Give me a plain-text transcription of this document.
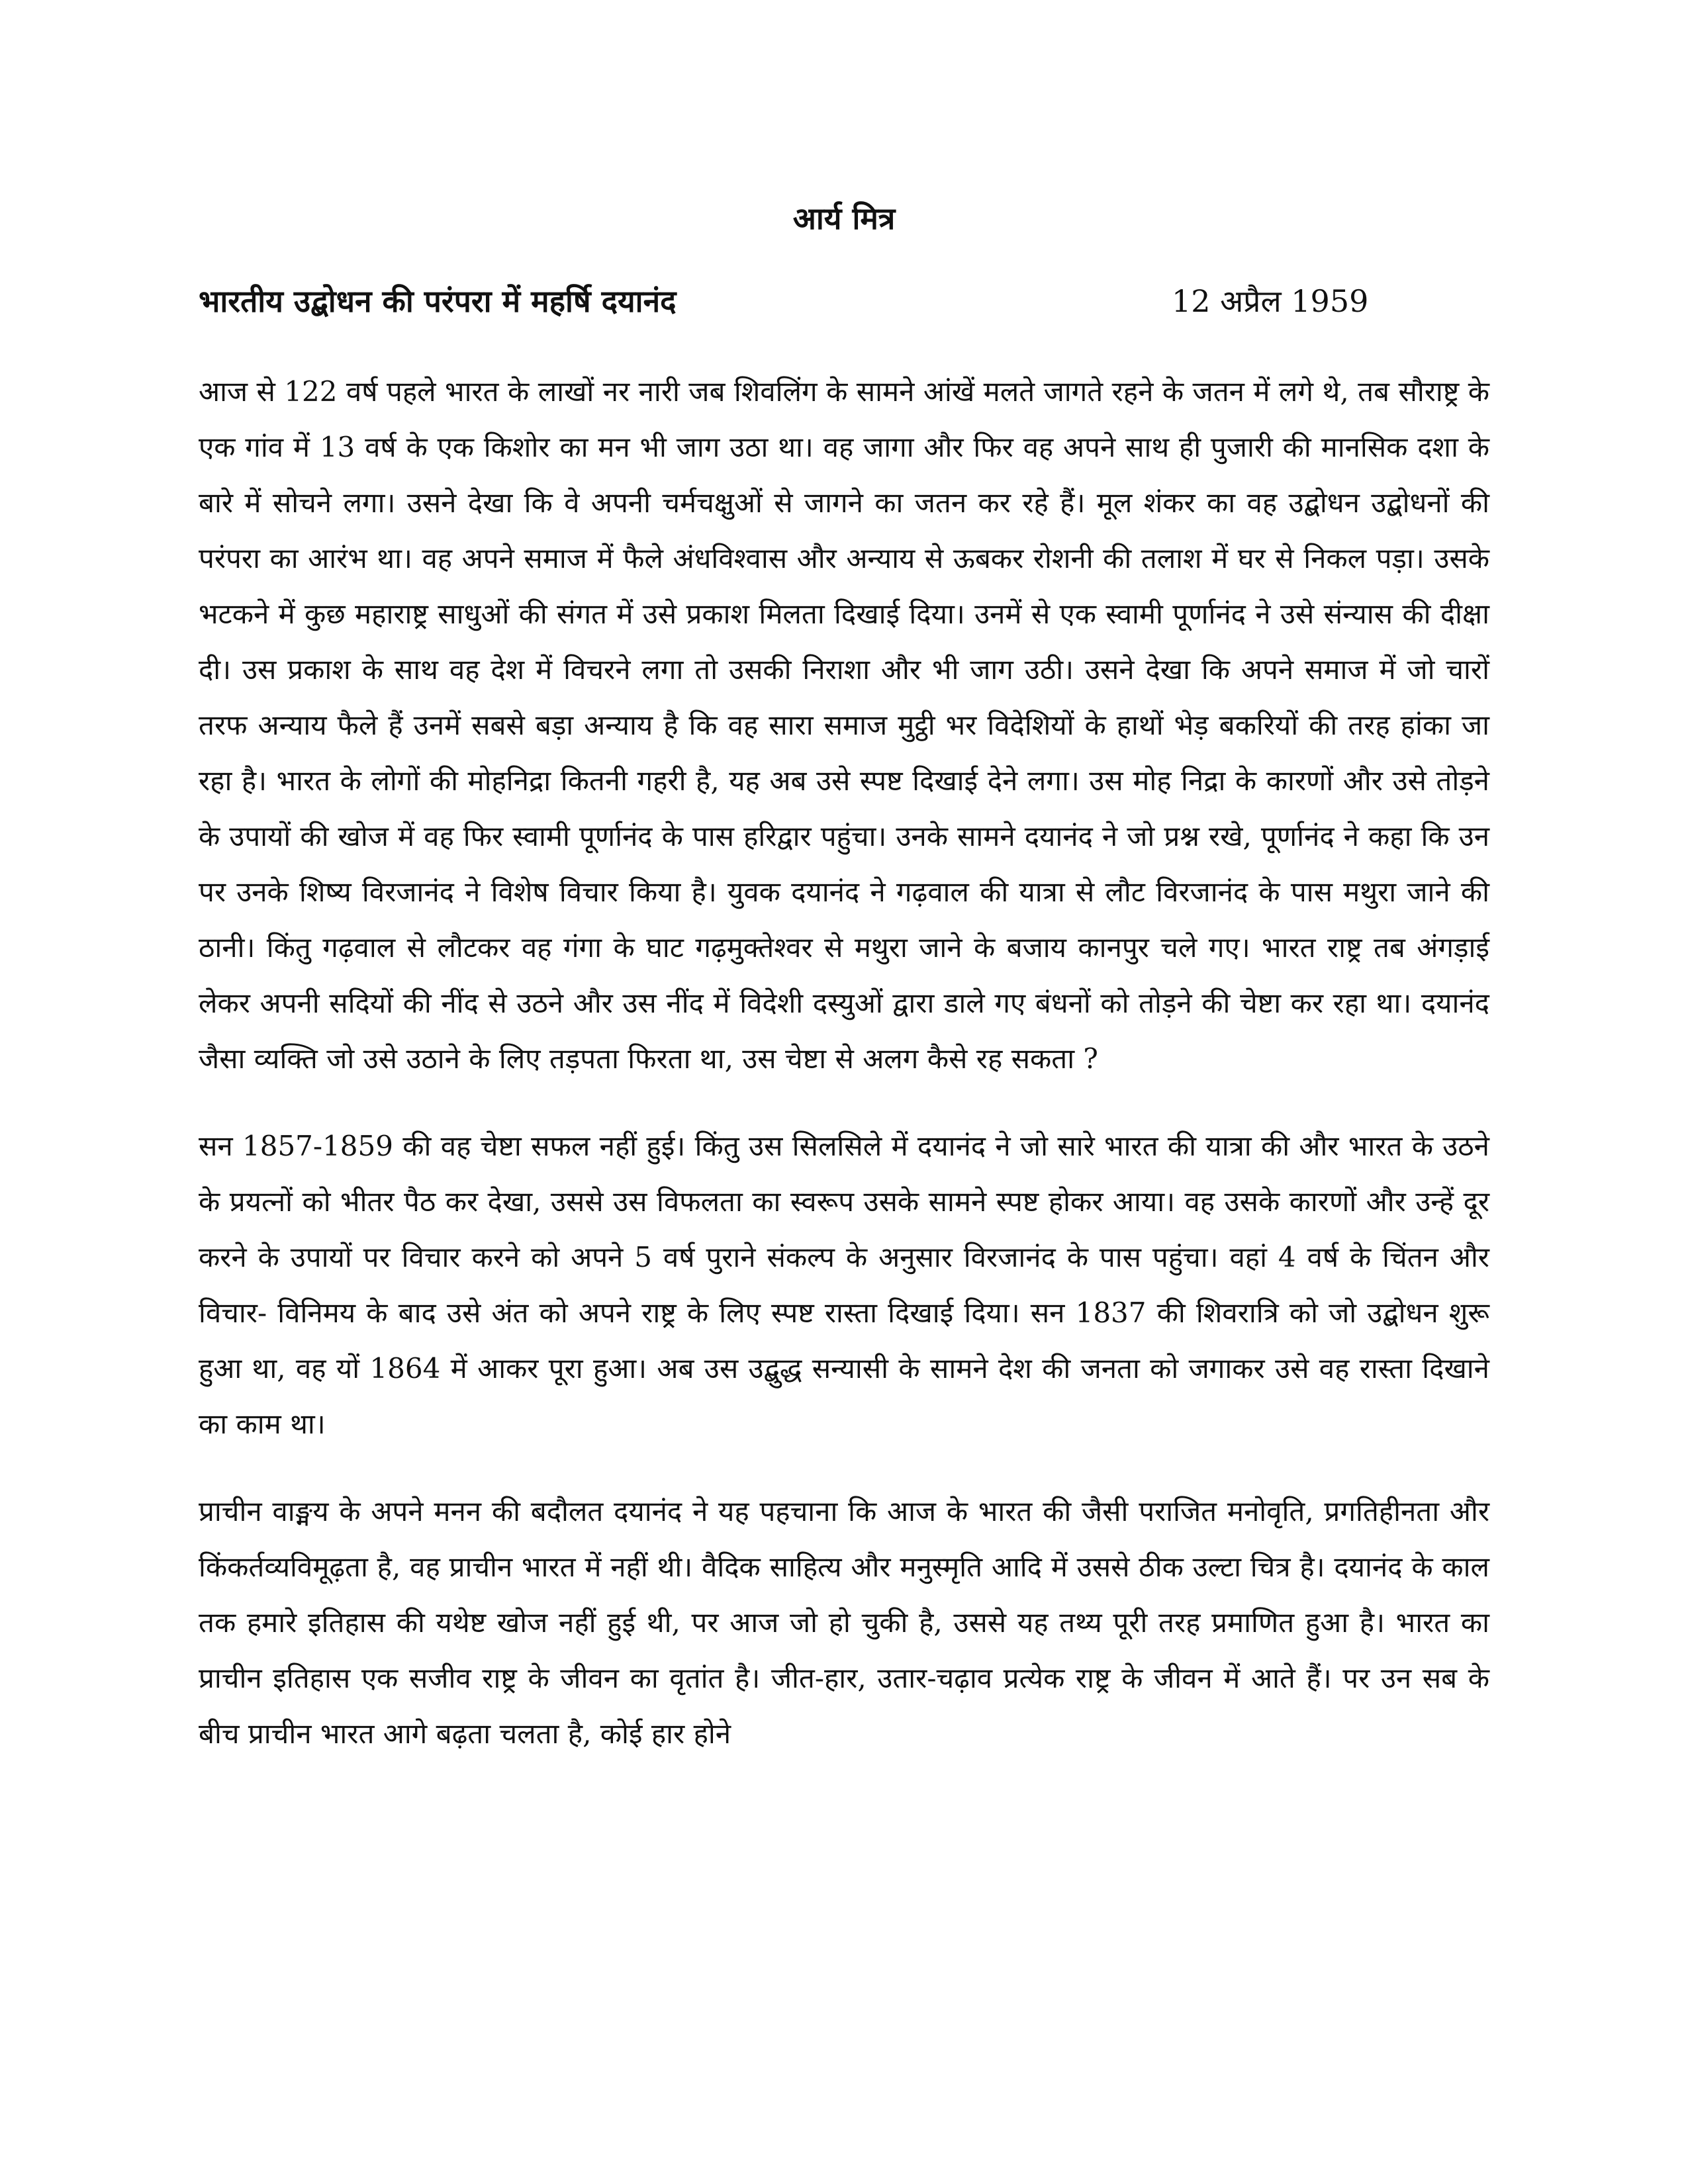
आर्य मित्र
भारतीय उद्बोधन की परंपरा में महर्षि दयानंद	12 अप्रैल 1959

आज से 122 वर्ष पहले भारत के लाखों नर नारी जब शिवलिंग के सामने आंखें मलते जागते रहने के जतन में लगे थे, तब सौराष्ट्र के एक गांव में 13 वर्ष के एक किशोर का मन भी जाग उठा था। वह जागा और फिर वह अपने साथ ही पुजारी की मानसिक दशा के बारे में सोचने लगा। उसने देखा कि वे अपनी चर्मचक्षुओं से जागने का जतन कर रहे हैं। मूल शंकर का वह उद्बोधन उद्बोधनों की परंपरा का आरंभ था। वह अपने समाज में फैले अंधविश्वास और अन्याय से ऊबकर रोशनी की तलाश में घर से निकल पड़ा। उसके भटकने में कुछ महाराष्ट्र साधुओं की संगत में उसे प्रकाश मिलता दिखाई दिया। उनमें से एक स्वामी पूर्णानंद ने उसे संन्यास की दीक्षा दी। उस प्रकाश के साथ वह देश में विचरने लगा तो उसकी निराशा और भी जाग उठी। उसने देखा कि अपने समाज में जो चारों तरफ अन्याय फैले हैं उनमें सबसे बड़ा अन्याय है कि वह सारा समाज मुट्ठी भर विदेशियों के हाथों भेड़ बकरियों की तरह हांका जा रहा है। भारत के लोगों की मोहनिद्रा कितनी गहरी है, यह अब उसे स्पष्ट दिखाई देने लगा। उस मोह निद्रा के कारणों और उसे तोड़ने के उपायों की खोज में वह फिर स्वामी पूर्णानंद के पास हरिद्वार पहुंचा। उनके सामने दयानंद ने जो प्रश्न रखे, पूर्णानंद ने कहा कि उन पर उनके शिष्य विरजानंद ने विशेष विचार किया है। युवक दयानंद ने गढ़वाल की यात्रा से लौट विरजानंद के पास मथुरा जाने की ठानी। किंतु गढ़वाल से लौटकर वह गंगा के घाट गढ़मुक्तेश्वर से मथुरा जाने के बजाय कानपुर चले गए। भारत राष्ट्र तब अंगड़ाई लेकर अपनी सदियों की नींद से उठने और उस नींद में विदेशी दस्युओं द्वारा डाले गए बंधनों को तोड़ने की चेष्टा कर रहा था। दयानंद जैसा व्यक्ति जो उसे उठाने के लिए तड़पता फिरता था, उस चेष्टा से अलग कैसे रह सकता ?

सन 1857-1859 की वह चेष्टा सफल नहीं हुई। किंतु उस सिलसिले में दयानंद ने जो सारे भारत की यात्रा की और भारत के उठने के प्रयत्नों को भीतर पैठ कर देखा, उससे उस विफलता का स्वरूप उसके सामने स्पष्ट होकर आया। वह उसके कारणों और उन्हें दूर करने के उपायों पर विचार करने को अपने 5 वर्ष पुराने संकल्प के अनुसार विरजानंद के पास पहुंचा। वहां 4 वर्ष के चिंतन और विचार- विनिमय के बाद उसे अंत को अपने राष्ट्र के लिए स्पष्ट रास्ता दिखाई दिया। सन 1837 की शिवरात्रि को जो उद्बोधन शुरू हुआ था, वह यों 1864 में आकर पूरा हुआ। अब उस उद्बुद्ध सन्यासी के सामने देश की जनता को जगाकर उसे वह रास्ता दिखाने का काम था।

प्राचीन वाङ्मय के अपने मनन की बदौलत दयानंद ने यह पहचाना कि आज के भारत की जैसी पराजित मनोवृति, प्रगतिहीनता और किंकर्तव्यविमूढ़ता है, वह प्राचीन भारत में नहीं थी। वैदिक साहित्य और मनुस्मृति आदि में उससे ठीक उल्टा चित्र है। दयानंद के काल तक हमारे इतिहास की यथेष्ट खोज नहीं हुई थी, पर आज जो हो चुकी है, उससे यह तथ्य पूरी तरह प्रमाणित हुआ है। भारत का प्राचीन इतिहास एक सजीव राष्ट्र के जीवन का वृतांत है। जीत-हार, उतार-चढ़ाव प्रत्येक राष्ट्र के जीवन में आते हैं। पर उन सब के बीच प्राचीन भारत आगे बढ़ता चलता है, कोई हार होने
